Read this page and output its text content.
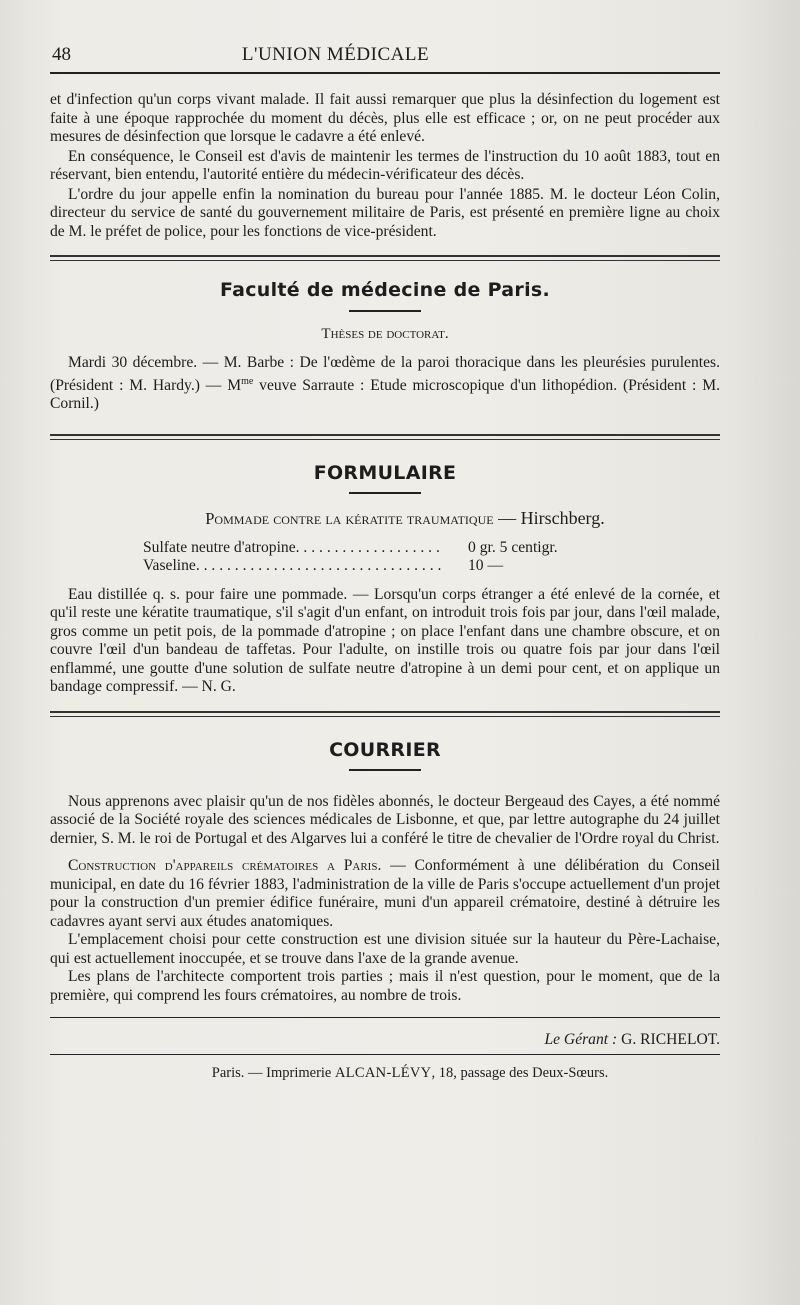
48	L'UNION MÉDICALE

et d'infection qu'un corps vivant malade. Il fait aussi remarquer que plus la désinfection du logement est faite à une époque rapprochée du moment du décès, plus elle est efficace ; or, on ne peut procéder aux mesures de désinfection que lorsque le cadavre a été enlevé.

En conséquence, le Conseil est d'avis de maintenir les termes de l'instruction du 10 août 1883, tout en réservant, bien entendu, l'autorité entière du médecin-vérificateur des décès.

L'ordre du jour appelle enfin la nomination du bureau pour l'année 1885. M. le docteur Léon Colin, directeur du service de santé du gouvernement militaire de Paris, est présenté en première ligne au choix de M. le préfet de police, pour les fonctions de vice-président.

Faculté de médecine de Paris.
Thèses de doctorat.

Mardi 30 décembre. — M. Barbe : De l'œdème de la paroi thoracique dans les pleurésies purulentes. (Président : M. Hardy.) — $M^{me}$ veuve Sarraute : Etude microscopique d'un lithopédion. (Président : M. Cornil.)

FORMULAIRE
Pommade contre la kératite traumatique — Hirschberg.
Sulfate neutre d'atropine. . . . . . . . . . . . . . . . . . .	0 gr. 5 centigr.
Vaseline. . . . . . . . . . . . . . . . . . . . . . . . . . . . . . . .	10 —

Eau distillée q. s. pour faire une pommade. — Lorsqu'un corps étranger a été enlevé de la cornée, et qu'il reste une kératite traumatique, s'il s'agit d'un enfant, on introduit trois fois par jour, dans l'œil malade, gros comme un petit pois, de la pommade d'atropine ; on place l'enfant dans une chambre obscure, et on couvre l'œil d'un bandeau de taffetas. Pour l'adulte, on instille trois ou quatre fois par jour dans l'œil enflammé, une goutte d'une solution de sulfate neutre d'atropine à un demi pour cent, et on applique un bandage compressif. — N. G.

COURRIER

Nous apprenons avec plaisir qu'un de nos fidèles abonnés, le docteur Bergeaud des Cayes, a été nommé associé de la Société royale des sciences médicales de Lisbonne, et que, par lettre autographe du 24 juillet dernier, S. M. le roi de Portugal et des Algarves lui a conféré le titre de chevalier de l'Ordre royal du Christ.

Construction d'appareils crématoires a Paris. — Conformément à une délibération du Conseil municipal, en date du 16 février 1883, l'administration de la ville de Paris s'occupe actuellement d'un projet pour la construction d'un premier édifice funéraire, muni d'un appareil crématoire, destiné à détruire les cadavres ayant servi aux études anatomiques.

L'emplacement choisi pour cette construction est une division située sur la hauteur du Père-Lachaise, qui est actuellement inoccupée, et se trouve dans l'axe de la grande avenue.

Les plans de l'architecte comportent trois parties ; mais il n'est question, pour le moment, que de la première, qui comprend les fours crématoires, au nombre de trois.

Le Gérant : G. RICHELOT.
Paris. — Imprimerie ALCAN-LÉVY, 18, passage des Deux-Sœurs.
